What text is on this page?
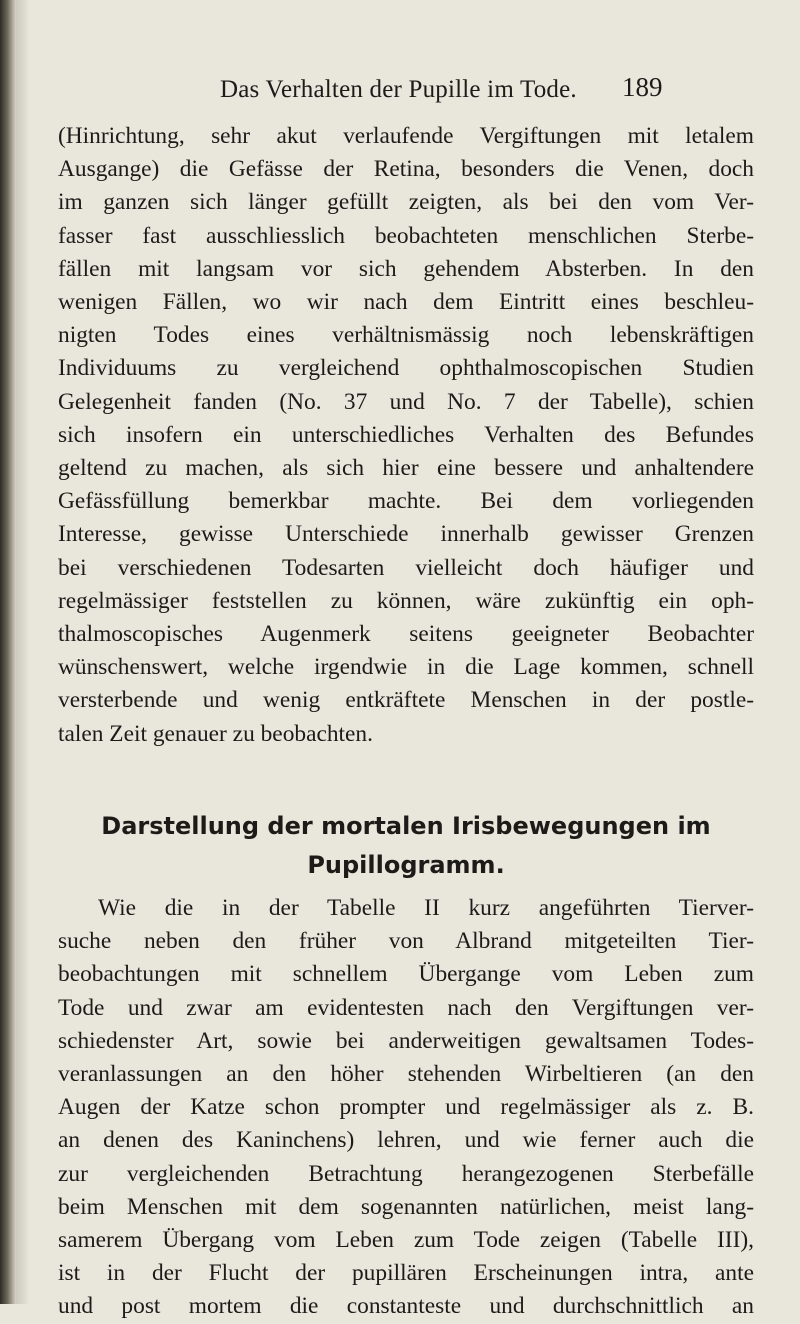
Das Verhalten der Pupille im Tode. 189
(Hinrichtung, sehr akut verlaufende Vergiftungen mit letalem
Ausgange) die Gefässe der Retina, besonders die Venen, doch
im ganzen sich länger gefüllt zeigten, als bei den vom Ver-
fasser fast ausschliesslich beobachteten menschlichen Sterbe-
fällen mit langsam vor sich gehendem Absterben. In den
wenigen Fällen, wo wir nach dem Eintritt eines beschleu-
nigten Todes eines verhältnismässig noch lebenskräftigen
Individuums zu vergleichend ophthalmoscopischen Studien
Gelegenheit fanden (No. 37 und No. 7 der Tabelle), schien
sich insofern ein unterschiedliches Verhalten des Befundes
geltend zu machen, als sich hier eine bessere und anhaltendere
Gefässfüllung bemerkbar machte. Bei dem vorliegenden
Interesse, gewisse Unterschiede innerhalb gewisser Grenzen
bei verschiedenen Todesarten vielleicht doch häufiger und
regelmässiger feststellen zu können, wäre zukünftig ein oph-
thalmoscopisches Augenmerk seitens geeigneter Beobachter
wünschenswert, welche irgendwie in die Lage kommen, schnell
versterbende und wenig entkräftete Menschen in der postle-
talen Zeit genauer zu beobachten.
Darstellung der mortalen Irisbewegungen im
Pupillogramm.
Wie die in der Tabelle II kurz angeführten Tierver-
suche neben den früher von Albrand mitgeteilten Tier-
beobachtungen mit schnellem Übergange vom Leben zum
Tode und zwar am evidentesten nach den Vergiftungen ver-
schiedenster Art, sowie bei anderweitigen gewaltsamen Todes-
veranlassungen an den höher stehenden Wirbeltieren (an den
Augen der Katze schon prompter und regelmässiger als z. B.
an denen des Kaninchens) lehren, und wie ferner auch die
zur vergleichenden Betrachtung herangezogenen Sterbefälle
beim Menschen mit dem sogenannten natürlichen, meist lang-
samerem Übergang vom Leben zum Tode zeigen (Tabelle III),
ist in der Flucht der pupillären Erscheinungen intra, ante
und post mortem die constanteste und durchschnittlich an
